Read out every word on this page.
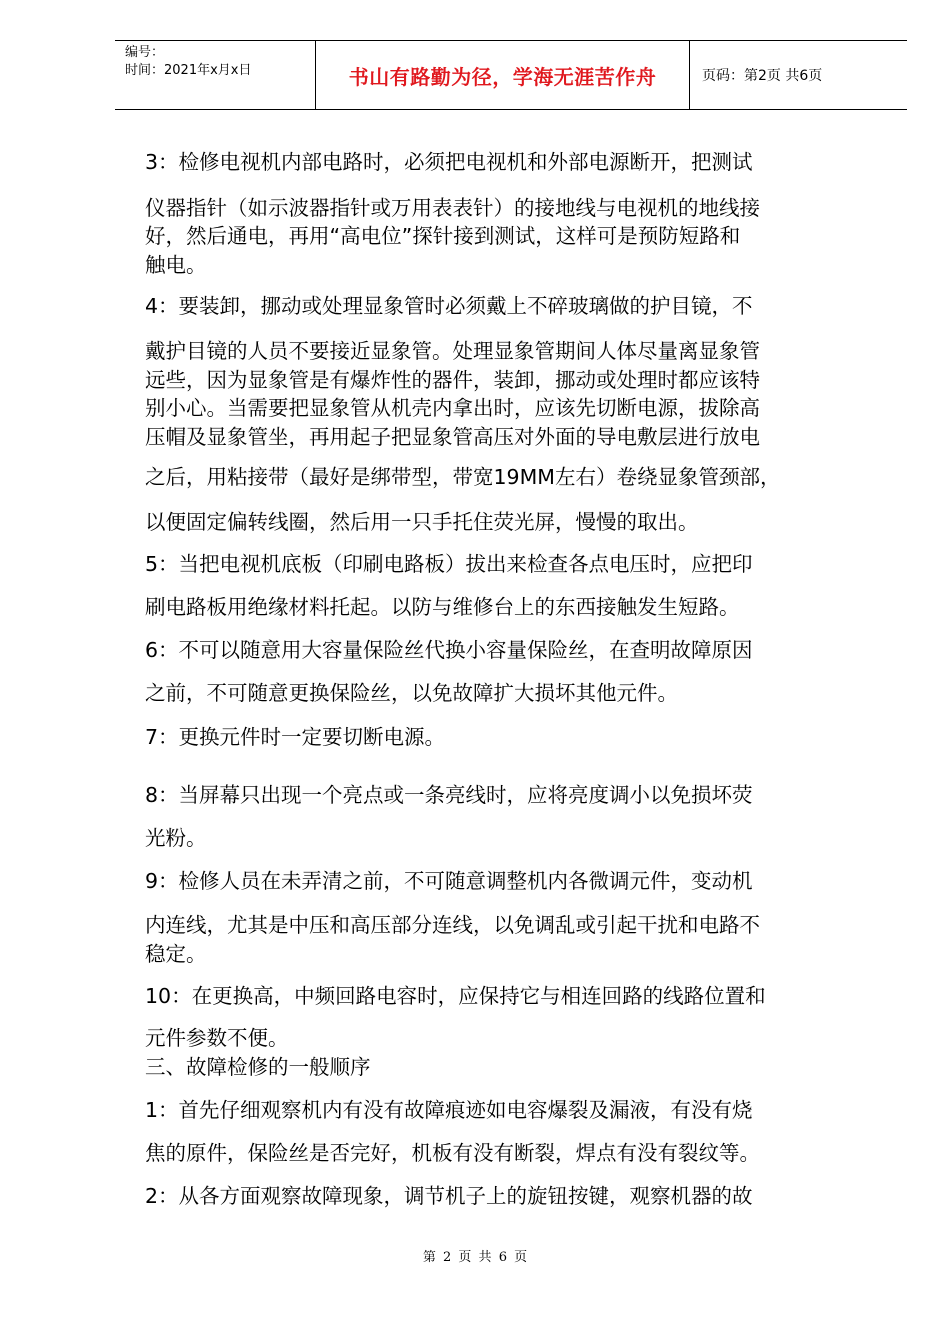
编号：
时间：2021年x月x日	书山有路勤为径，学海无涯苦作舟	页码：第2页 共6页
3：检修电视机内部电路时，必须把电视机和外部电源断开，把测试
仪器指针（如示波器指针或万用表表针）的接地线与电视机的地线接
好，然后通电，再用“高电位”探针接到测试，这样可是预防短路和
触电。
4：要装卸，挪动或处理显象管时必须戴上不碎玻璃做的护目镜，不
戴护目镜的人员不要接近显象管。处理显象管期间人体尽量离显象管
远些，因为显象管是有爆炸性的器件，装卸，挪动或处理时都应该特
别小心。当需要把显象管从机壳内拿出时，应该先切断电源，拔除高
压帽及显象管坐，再用起子把显象管高压对外面的导电敷层进行放电
之后，用粘接带（最好是绑带型，带宽19MM左右）卷绕显象管颈部，
以便固定偏转线圈，然后用一只手托住荧光屏，慢慢的取出。
5：当把电视机底板（印刷电路板）拔出来检查各点电压时，应把印
刷电路板用绝缘材料托起。以防与维修台上的东西接触发生短路。
6：不可以随意用大容量保险丝代换小容量保险丝，在查明故障原因
之前，不可随意更换保险丝，以免故障扩大损坏其他元件。
7：更换元件时一定要切断电源。
8：当屏幕只出现一个亮点或一条亮线时，应将亮度调小以免损坏荧
光粉。
9：检修人员在未弄清之前，不可随意调整机内各微调元件，变动机
内连线，尤其是中压和高压部分连线，以免调乱或引起干扰和电路不
稳定。
10：在更换高，中频回路电容时，应保持它与相连回路的线路位置和
元件参数不便。
三、故障检修的一般顺序
1：首先仔细观察机内有没有故障痕迹如电容爆裂及漏液，有没有烧
焦的原件，保险丝是否完好，机板有没有断裂，焊点有没有裂纹等。
2：从各方面观察故障现象，调节机子上的旋钮按键，观察机器的故
第 2 页 共 6 页
